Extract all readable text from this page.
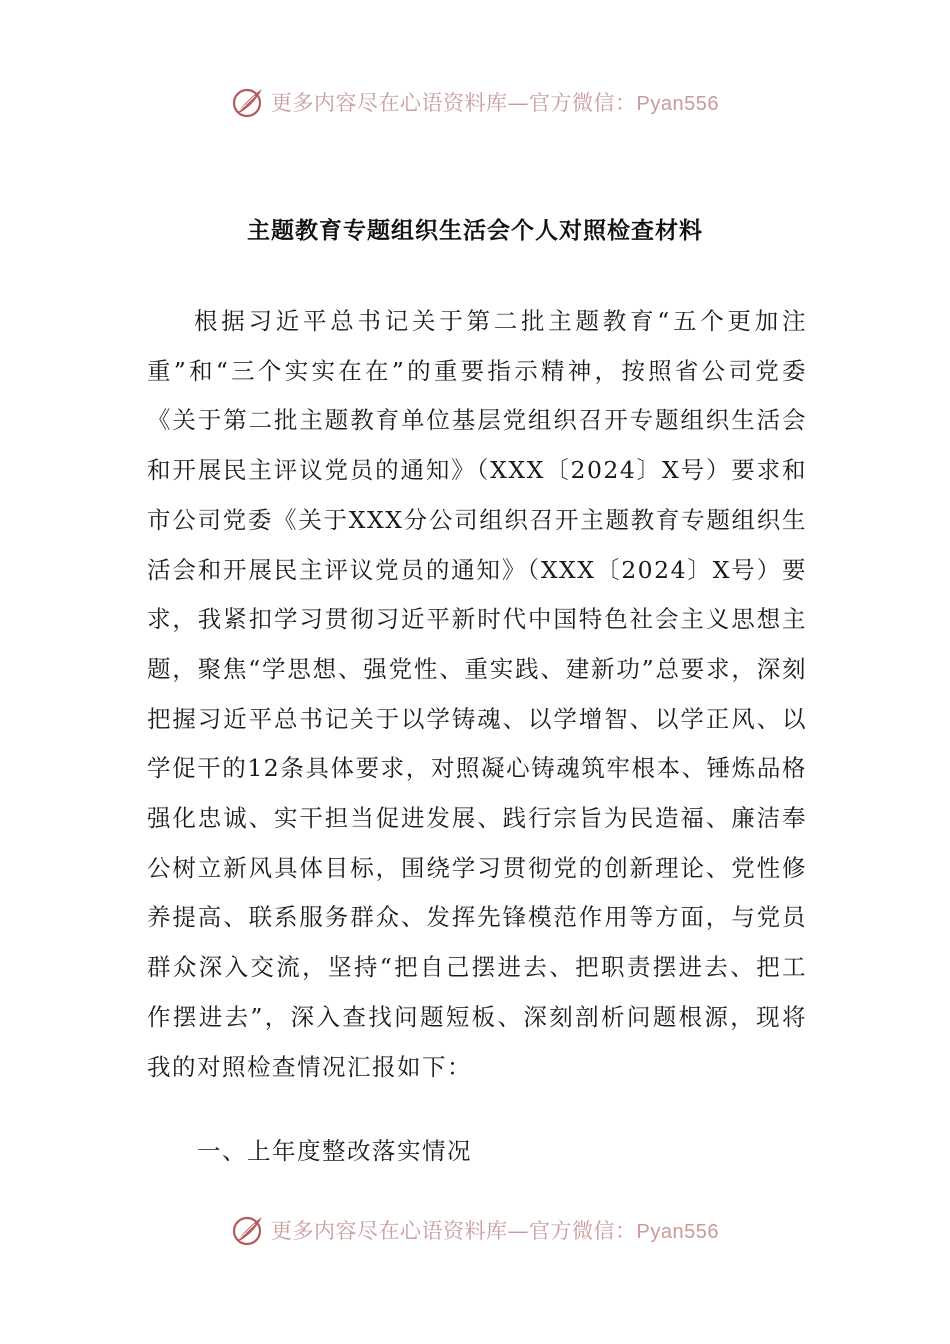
更多内容尽在心语资料库—官方微信：Pyan556
主题教育专题组织生活会个人对照检查材料
根据习近平总书记关于第二批主题教育“五个更加注重”和“三个实实在在”的重要指示精神，按照省公司党委《关于第二批主题教育单位基层党组织召开专题组织生活会和开展民主评议党员的通知》（XXX〔2024〕X号）要求和市公司党委《关于XXX分公司组织召开主题教育专题组织生活会和开展民主评议党员的通知》（XXX〔2024〕X号）要求，我紧扣学习贯彻习近平新时代中国特色社会主义思想主题，聚焦“学思想、强党性、重实践、建新功”总要求，深刻把握习近平总书记关于以学铸魂、以学增智、以学正风、以学促干的12条具体要求，对照凝心铸魂筑牢根本、锤炼品格强化忠诚、实干担当促进发展、践行宗旨为民造福、廉洁奉公树立新风具体目标，围绕学习贯彻党的创新理论、党性修养提高、联系服务群众、发挥先锋模范作用等方面，与党员群众深入交流，坚持“把自己摆进去、把职责摆进去、把工作摆进去”，深入查找问题短板、深刻剖析问题根源，现将我的对照检查情况汇报如下：
一、上年度整改落实情况
更多内容尽在心语资料库—官方微信：Pyan556
